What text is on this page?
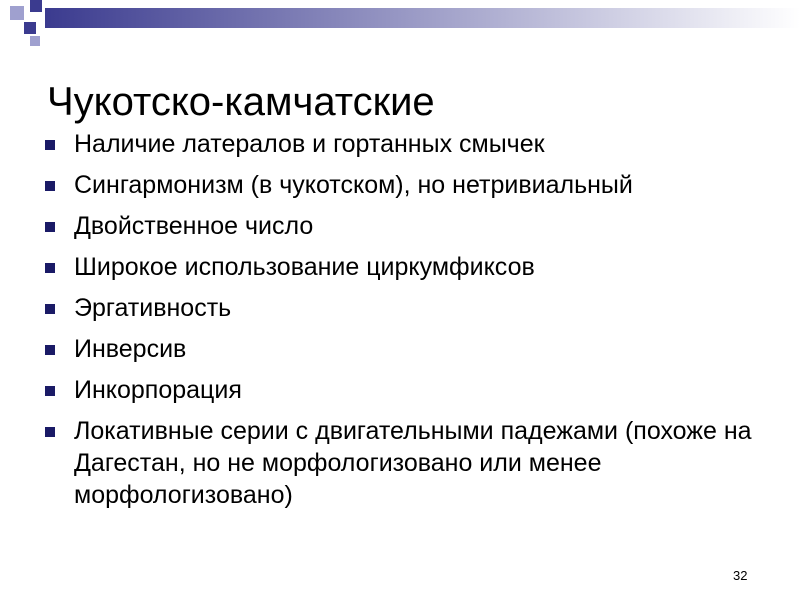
Чукотско-камчатские
Наличие латералов и гортанных смычек
Сингармонизм (в чукотском), но нетривиальный
Двойственное число
Широкое использование циркумфиксов
Эргативность
Инверсив
Инкорпорация
Локативные серии с двигательными падежами (похоже на Дагестан, но не морфологизовано или менее морфологизовано)
32
